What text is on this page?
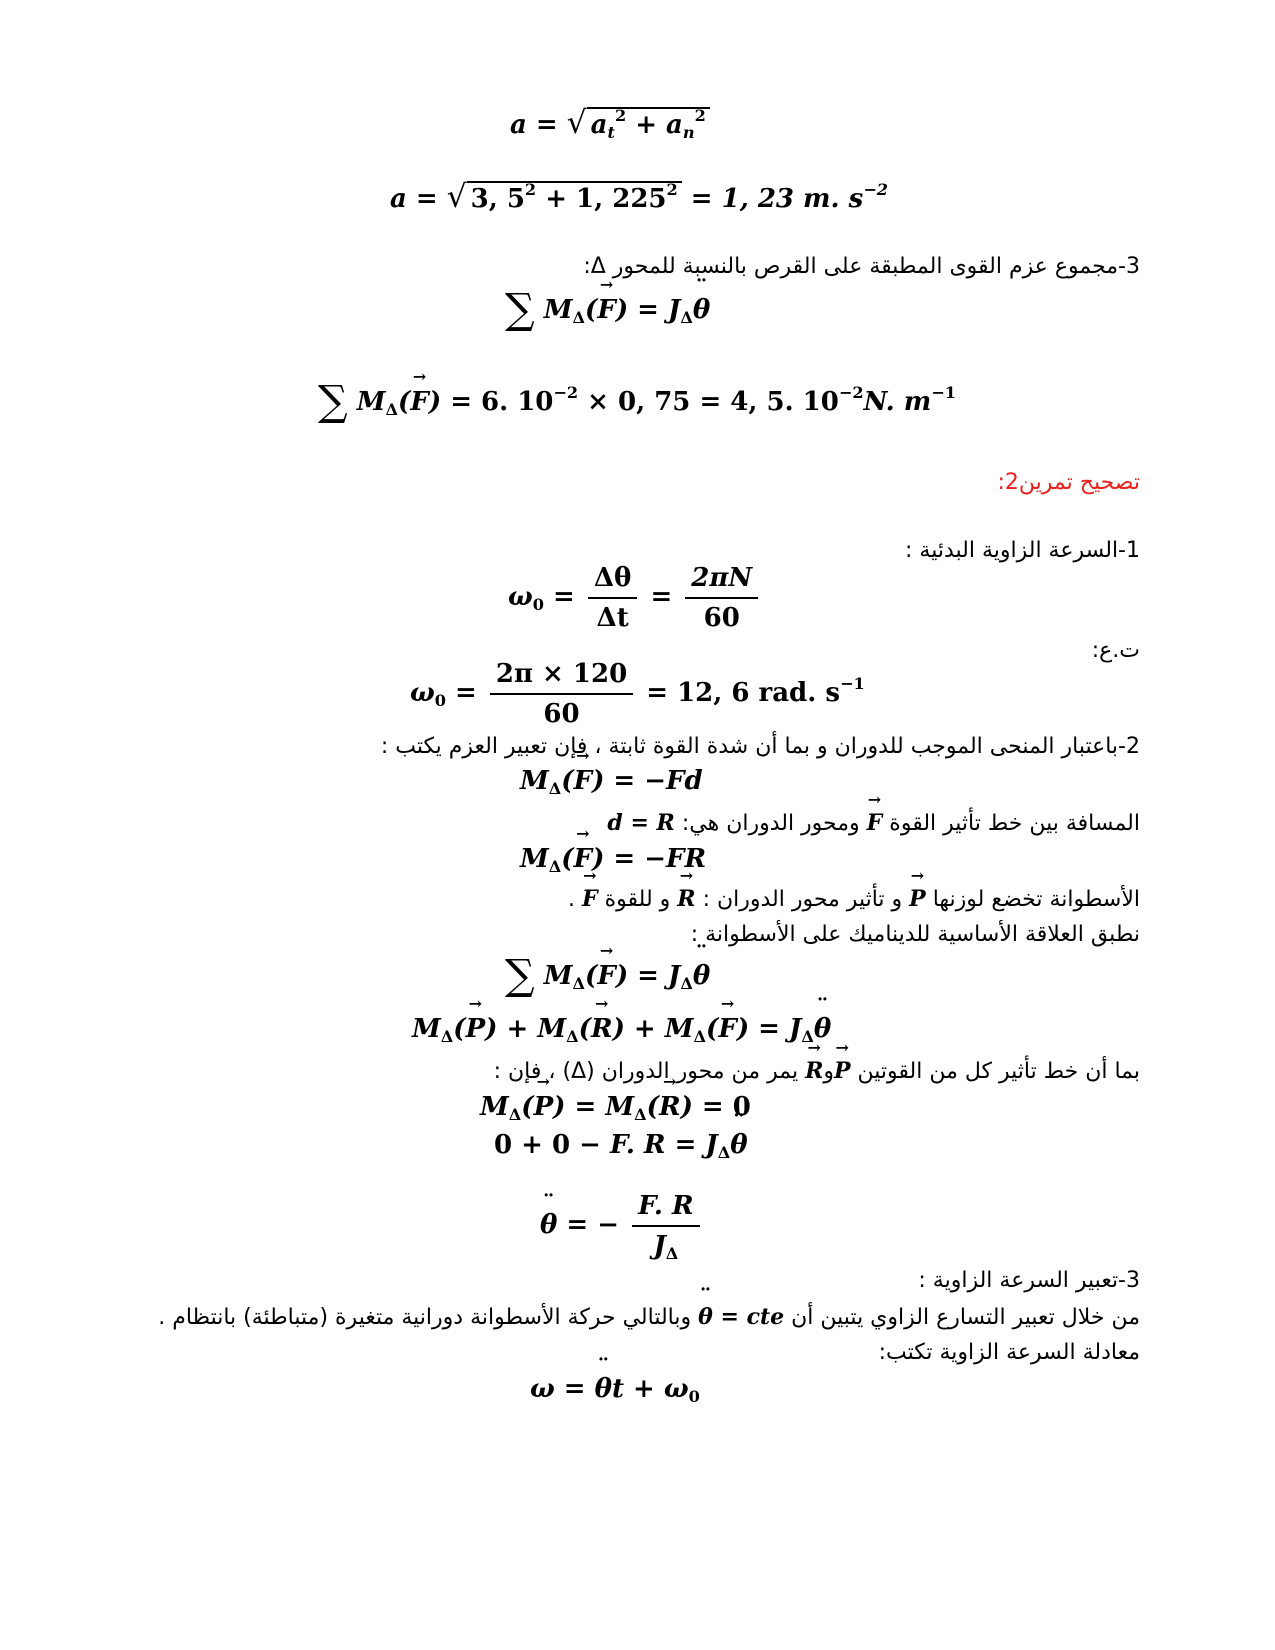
a = √ $a_t^2 + a_n^2$
a = √ 3, $5^2 + 1$, $225^2 = 1$, 23 m. $s^{-2}$
3-مجموع عزم القوى المطبقة على القرص بالنسبة للمحور Δ:
∑ $M_\Delta(\to F)$ = $J_\Delta¨$ θ
∑ $M_\Delta(\to F) = 6$. $10^{-2} \times 0$, 75 = 4, 5. $10^{-2}N$. $m^{-1}$
تصحيح تمرين2:
1-السرعة الزاوية البدئية :
$\omega_0 = \frac{\Delta\theta}{\Delta t} = \frac{2\pi N}{60}$
ت.ع:
$\omega_0 = \frac{2\pi \times 120}{60} = 12$, 6 rad. $s^{-1}$
2-باعتبار المنحى الموجب للدوران و بما أن شدة القوة ثابتة ، فإن تعبير العزم يكتب :
$M_\Delta(\to F) = -Fd$
المسافة بين خط تأثير القوة → F ومحور الدوران هي: d = R
$M_\Delta(\to F) = -FR$
الأسطوانة تخضع لوزنها → P و تأثير محور الدوران : → R و للقوة → F .
نطبق العلاقة الأساسية للديناميك على الأسطوانة :
∑ $M_\Delta(\to F)$ = $J_\Delta¨$ θ
$M_\Delta(\to P) + M_\Delta(\to R) + M_\Delta(\to F)$ = $J_\Delta¨$ θ
بما أن خط تأثير كل من القوتين → Pو→ R يمر من محور الدوران (Δ) ، فإن :
$M_\Delta(\to P) = M_\Delta(\to R) = 0$
0 + 0 − F. $R = J_\Delta¨$ θ
¨ θ = − $\frac{F. R}{J_\Delta}$
3-تعبير السرعة الزاوية :
من خلال تعبير التسارع الزاوي يتبين أن ¨ θ = cte وبالتالي حركة الأسطوانة دورانية متغيرة (متباطئة) بانتظام .
معادلة السرعة الزاوية تكتب:
ω = ¨ $\theta t + \omega_0$
